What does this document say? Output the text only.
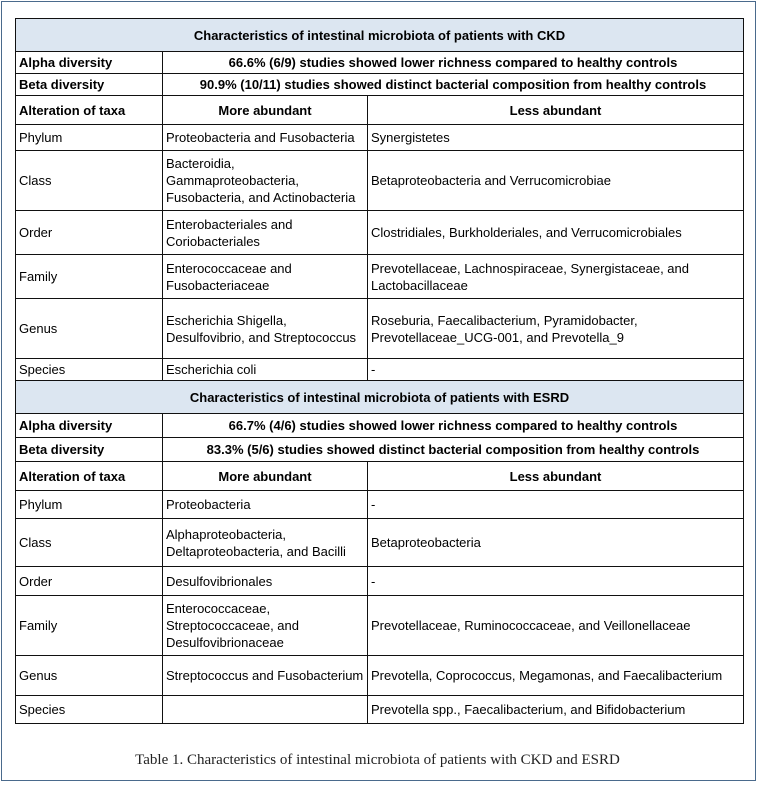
Characteristics of intestinal microbiota of patients with CKD		
Alpha diversity	66.6% (6/9) studies showed lower richness compared to healthy controls	
Beta diversity	90.9% (10/11) studies showed distinct bacterial composition from healthy controls	
Alteration of taxa	More abundant	Less abundant
Phylum	Proteobacteria and Fusobacteria	Synergistetes
Class	Bacteroidia, Gammaproteobacteria, Fusobacteria, and Actinobacteria	Betaproteobacteria and Verrucomicrobiae
Order	Enterobacteriales and Coriobacteriales	Clostridiales, Burkholderiales, and Verrucomicrobiales
Family	Enterococcaceae and Fusobacteriaceae	Prevotellaceae, Lachnospiraceae, Synergistaceae, and Lactobacillaceae
Genus	Escherichia Shigella, Desulfovibrio, and Streptococcus	Roseburia, Faecalibacterium, Pyramidobacter, Prevotellaceae_UCG-001, and Prevotella_9
Species	Escherichia coli	-
Characteristics of intestinal microbiota of patients with ESRD		
Alpha diversity	66.7% (4/6) studies showed lower richness compared to healthy controls	
Beta diversity	83.3% (5/6) studies showed distinct bacterial composition from healthy controls	
Alteration of taxa	More abundant	Less abundant
Phylum	Proteobacteria	-
Class	Alphaproteobacteria, Deltaproteobacteria, and Bacilli	Betaproteobacteria
Order	Desulfovibrionales	-
Family	Enterococcaceae, Streptococcaceae, and Desulfovibrionaceae	Prevotellaceae, Ruminococcaceae, and Veillonellaceae
Genus	Streptococcus and Fusobacterium	Prevotella, Coprococcus, Megamonas, and Faecalibacterium
Species		Prevotella spp., Faecalibacterium, and Bifidobacterium
Table 1. Characteristics of intestinal microbiota of patients with CKD and ESRD
